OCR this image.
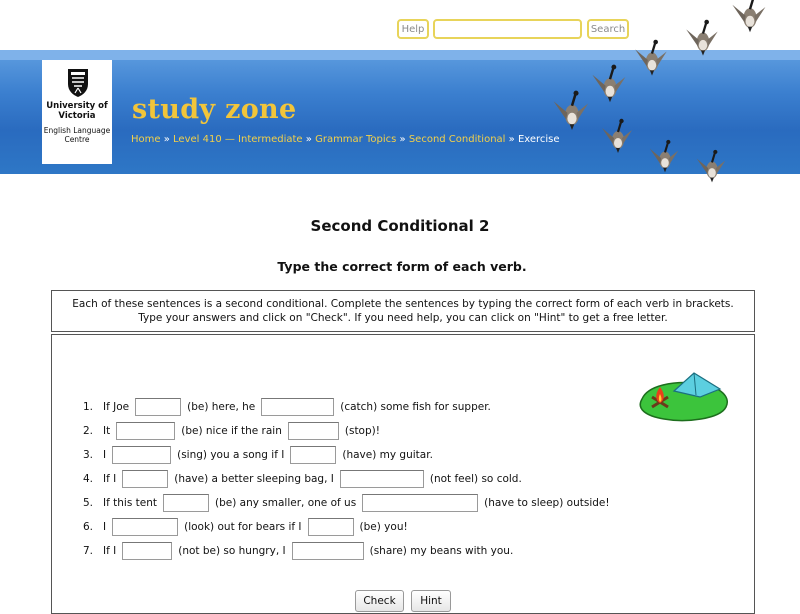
Help	Search
University of Victoria
English Language Centre
study zone
Home » Level 410 — Intermediate » Grammar Topics » Second Conditional » Exercise
Second Conditional 2
Type the correct form of each verb.
Each of these sentences is a second conditional. Complete the sentences by typing the correct form of each verb in brackets.
Type your answers and click on "Check". If you need help, you can click on "Hint" to get a free letter.
1. If Joe	(be) here, he	(catch) some fish for supper.
2. It	(be) nice if the rain	(stop)!
3. I	(sing) you a song if I	(have) my guitar.
4. If I	(have) a better sleeping bag, I	(not feel) so cold.
5. If this tent	(be) any smaller, one of us	(have to sleep) outside!
6. I	(look) out for bears if I	(be) you!
7. If I	(not be) so hungry, I	(share) my beans with you.
Check	Hint
